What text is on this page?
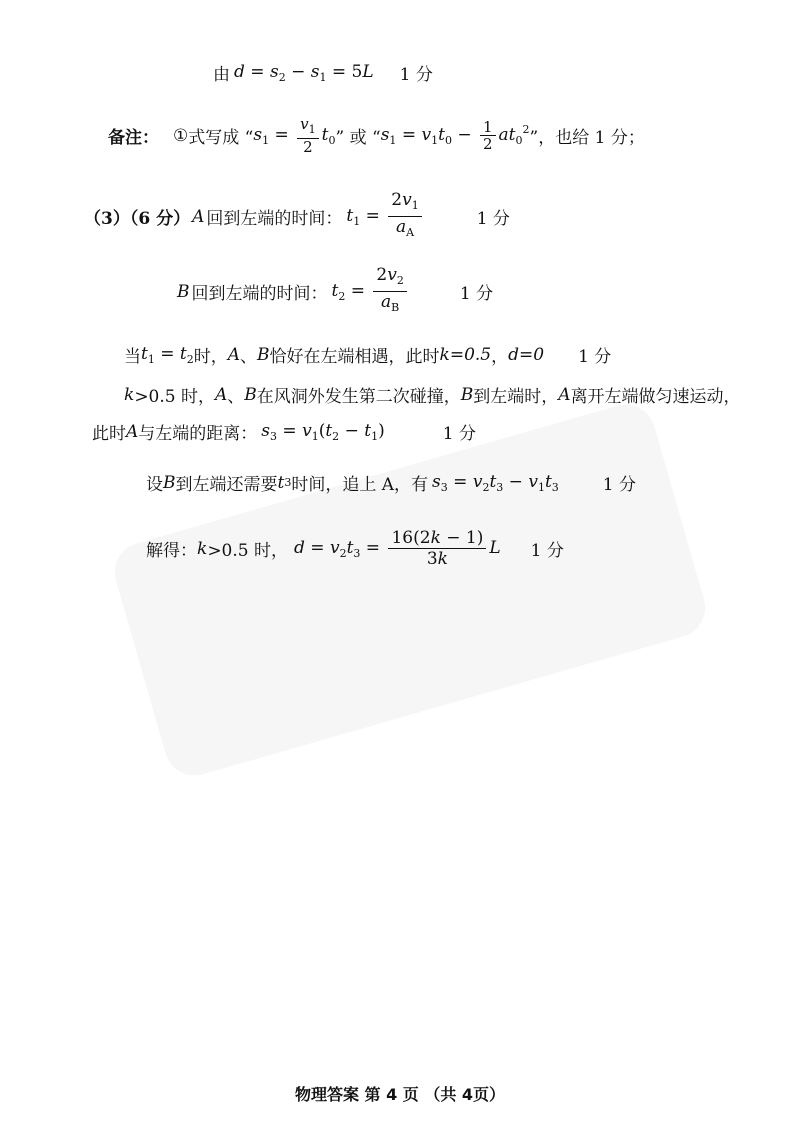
由 $d = s_2 - s_1 = 5L$ 1 分
备注： ① 式写成 “ $s_1 = \frac{v_1}{2} t_0$ ” 或 “ $s_1 = v_1t_0 - \frac{1}{2} at_0^2$ ”，也给 1 分；
（3）（6 分） A 回到左端的时间： $t_1 = \frac{2v_1}{a_A}$	1 分
B 回到左端的时间： $t_2 = \frac{2v_2}{a_B}$	1 分
当 $t_1 = t_2$ 时， A 、 B 恰好在左端相遇，此时 k=0.5 ， d=0 1 分
k >0.5 时， A 、 B 在风洞外发生第二次碰撞， B 到左端时， A 离开左端做匀速运动，
此时 A 与左端的距离： $s_3 = v_1(t_2 - t_1)$	1 分
设 B 到左端还需要 t 3 时间，追上 A，有 $s_3 = v_2t_3 - v_1t_3$	1 分
解得： k >0.5 时， $d = v_2t_3 = \frac{16(2k - 1)}{3k}$ L 1 分
物理答案 第 4 页 （共 4页）
